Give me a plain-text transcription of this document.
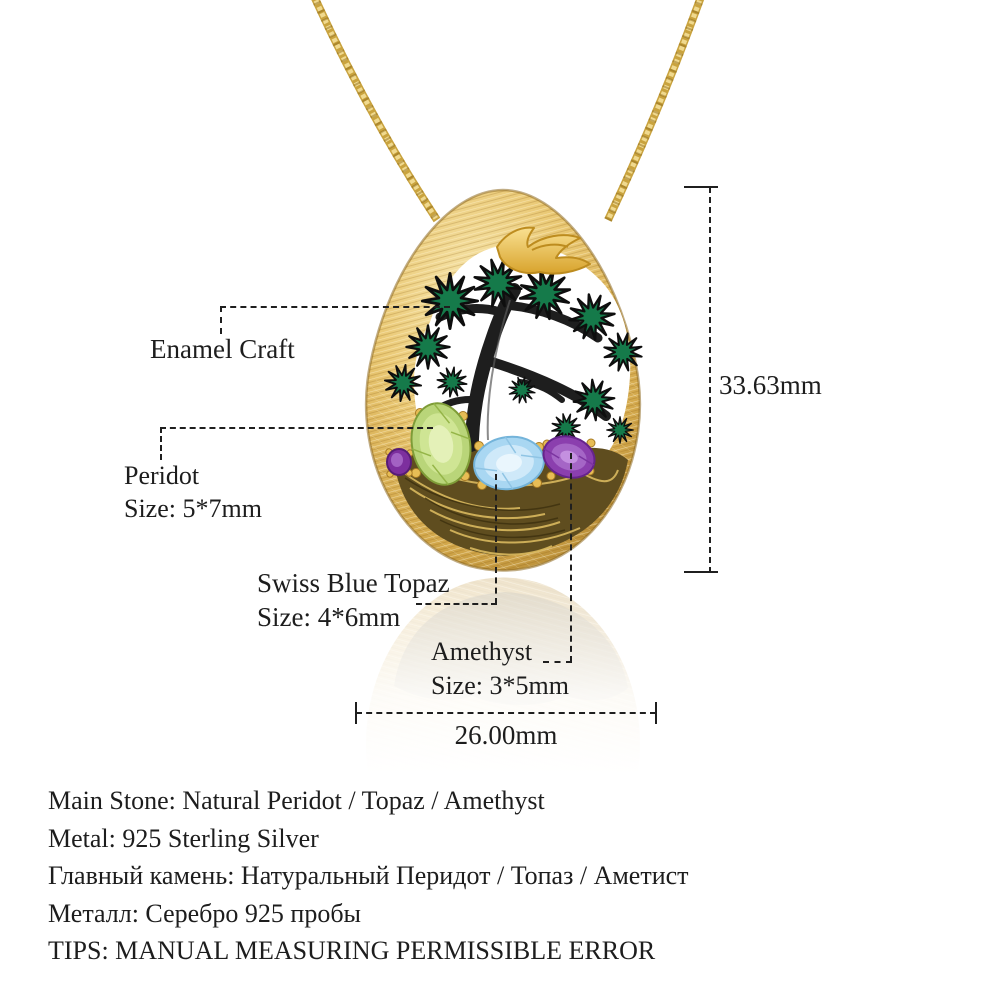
Enamel Craft
Peridot
Size: 5*7mm
Swiss Blue Topaz
Size: 4*6mm
Amethyst
Size: 3*5mm
33.63mm
26.00mm
Main Stone: Natural Peridot / Topaz / Amethyst
Metal: 925 Sterling Silver
Главный камень: Натуральный Перидот / Топаз / Аметист
Металл: Серебро 925 пробы
TIPS: MANUAL MEASURING PERMISSIBLE ERROR
